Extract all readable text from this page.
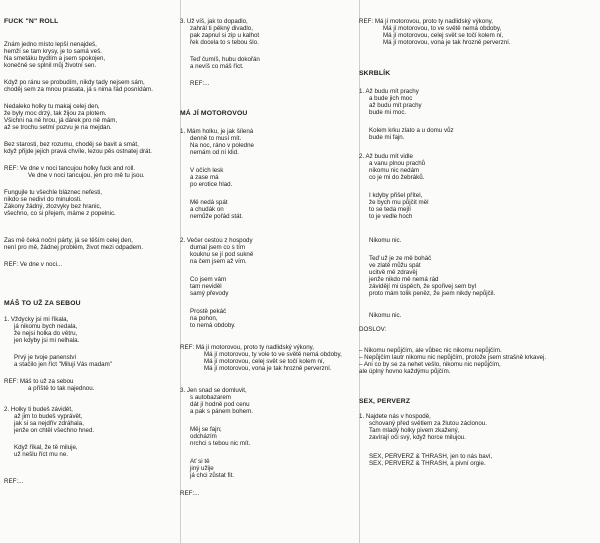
FUCK "N" ROLL
Znám jedno místo lepší nenajdeš,
hemží se tam krysy, je to samá veš.
Na smetáku bydlím a jsem spokojen,
konečně se splnil můj životní sen.
Když po ránu se probudím, nikdy tady nejsem sám,
choděj sem za mnou prasata, já s nima řád posnídám.
Nedaleko holky tu makaj celej den,
že byly moc drzý, tak žijou za plotem.
Všichni na ně hrou, já dárek pro ně mám,
až se trochu setmí pozvu je na mejdan.
Bez starosti, bez rozumu, choděj se bavit a smát,
když přijde jejich pravá chvíle, lezou pěs ostnatej drát.
REF: Ve dne v noci tancujou holky fuck and roll.
Ve dne v noci tancujou, jen pro mě tu jsou.
Fungujle tu všechle bláznec nefesti,
nikdo se nediví do minulosti.
Zákony žádný, zlozvyky bez hranic,
všechno, co si přejem, máme z popelnic.
Zas mě čeká noční párty, já se těším celej den,
není pro mě, žádnej problém, život mezi odpadem.
REF: Ve dne v noci...
MÁŠ TO UŽ ZA SEBOU
1. Vždycky jsi mi říkala,
já nikomu bych nedala,
že nejsi holka do větru,
jen kdyby jsi mi nelhala.
Prvý je tvoje panenství
a stačilo jen říct "Miluji Vás madam"
REF: Máš to už za sebou
a příště to tak najednou.
2. Holky ti budeš závidět,
až jim to budeš vyprávět,
jak si sa nejdřív zdráhala,
jenže on chtěl všechno hned.
Když říkal, že tě miluje,
už nešlu říct mu ne.
REF:...
3. Už víš, jak to dopadlo,
zahrál ti pěkný divadlo,
pak zapnul si zip u kalhot
řek docela to s tebou šlo.
Teď čumíš, hubu dokořán
a nevíš co máš říct.
REF:...
MÁ JÍ MOTOROVOU
1. Mám holku, je jak šílená
denně to musí mít.
Na noc, ráno v poledne
nemám od ní klid.
V očích lesk
a zase má
po erotice hlad.
Mě nedá spát
a chudák on
nemůže pořád stát.
2. Večer cestou z hospody
dumal jsem co s tím
kouknu se jí pod sukně
na čem jsem až vím.
Co jsem vám
tam neviděl
samý převody
Prostě pekáč
na pohon,
to nemá obdoby.
REF: Má jí motorovou, proto ty nadlidský výkony,
Má jí motorovou, ty vole to ve světě nemá obdoby,
Má jí motorovou, celej svět se točí kolem ní,
Má jí motorovou, vona je tak hrozně perverzní.
3. Jen snad se domluvit,
s autobazarem
dát jí hodně pod cenu
a pak s pánem bohem.
Měj se fajn;
odcházím
nrchci s tebou nic mít.
Ať si tě
jiný užije
já chci zůstat fit.
REF:...
REF: Má jí motorovou, proto ty nadlidský výkony,
Má jí motorovou, to ve světě nemá obdoby,
Má jí motorovou, celej svět se točí kolem ní,
Má jí motorovou, vona je tak hrozně perverzní.
SKRBLÍK
1. Až budu mít prachy
a bude jich moc
až budu mít prachy
bude mi moc.
Kolem krku zlato a u domu vůz
bude mi fajn.
2. Až budu mít vidle
a vanu plnou prachů
nikomu nic nedám
co je mi do žebráků.
I kdyby přišel přítel,
že bych mu půjčit měl
to se teda mejlí
to je vedle hoch
Nikomu nic.
Teď už je ze mě boháč
ve zlatě můžu spát
ucitvě mě zdravěj
jenže nikdo mě nemá rád
závidějí mi úspěch, že spořivej sem byl
proto mám tolik peněz, že jsem nikdy nepůjčil.
Nikomu nic.
DOSLOV:
– Nikomu nepůjčím, ale vůbec nic nikomu nepůjčím.
– Nepůjčím lautr nikomu nic nepůjčím, protože jsem strašně krkavej.
– Ani co by se za nehet vešlo, nikomu nic nepůjčím,
ale úplný hovno každýmu půjčím.
SEX, PERVERZ
1. Najdete nás v hospodě,
schovaný před světlem za žlutou záclonou.
Tam mladý holky pivem zkažený,
zavírají oči svý, když horce milujou.
SEX, PERVERZ & THRASH, jen to nás baví,
SEX, PERVERZ & THRASH, a pivní orgie.
